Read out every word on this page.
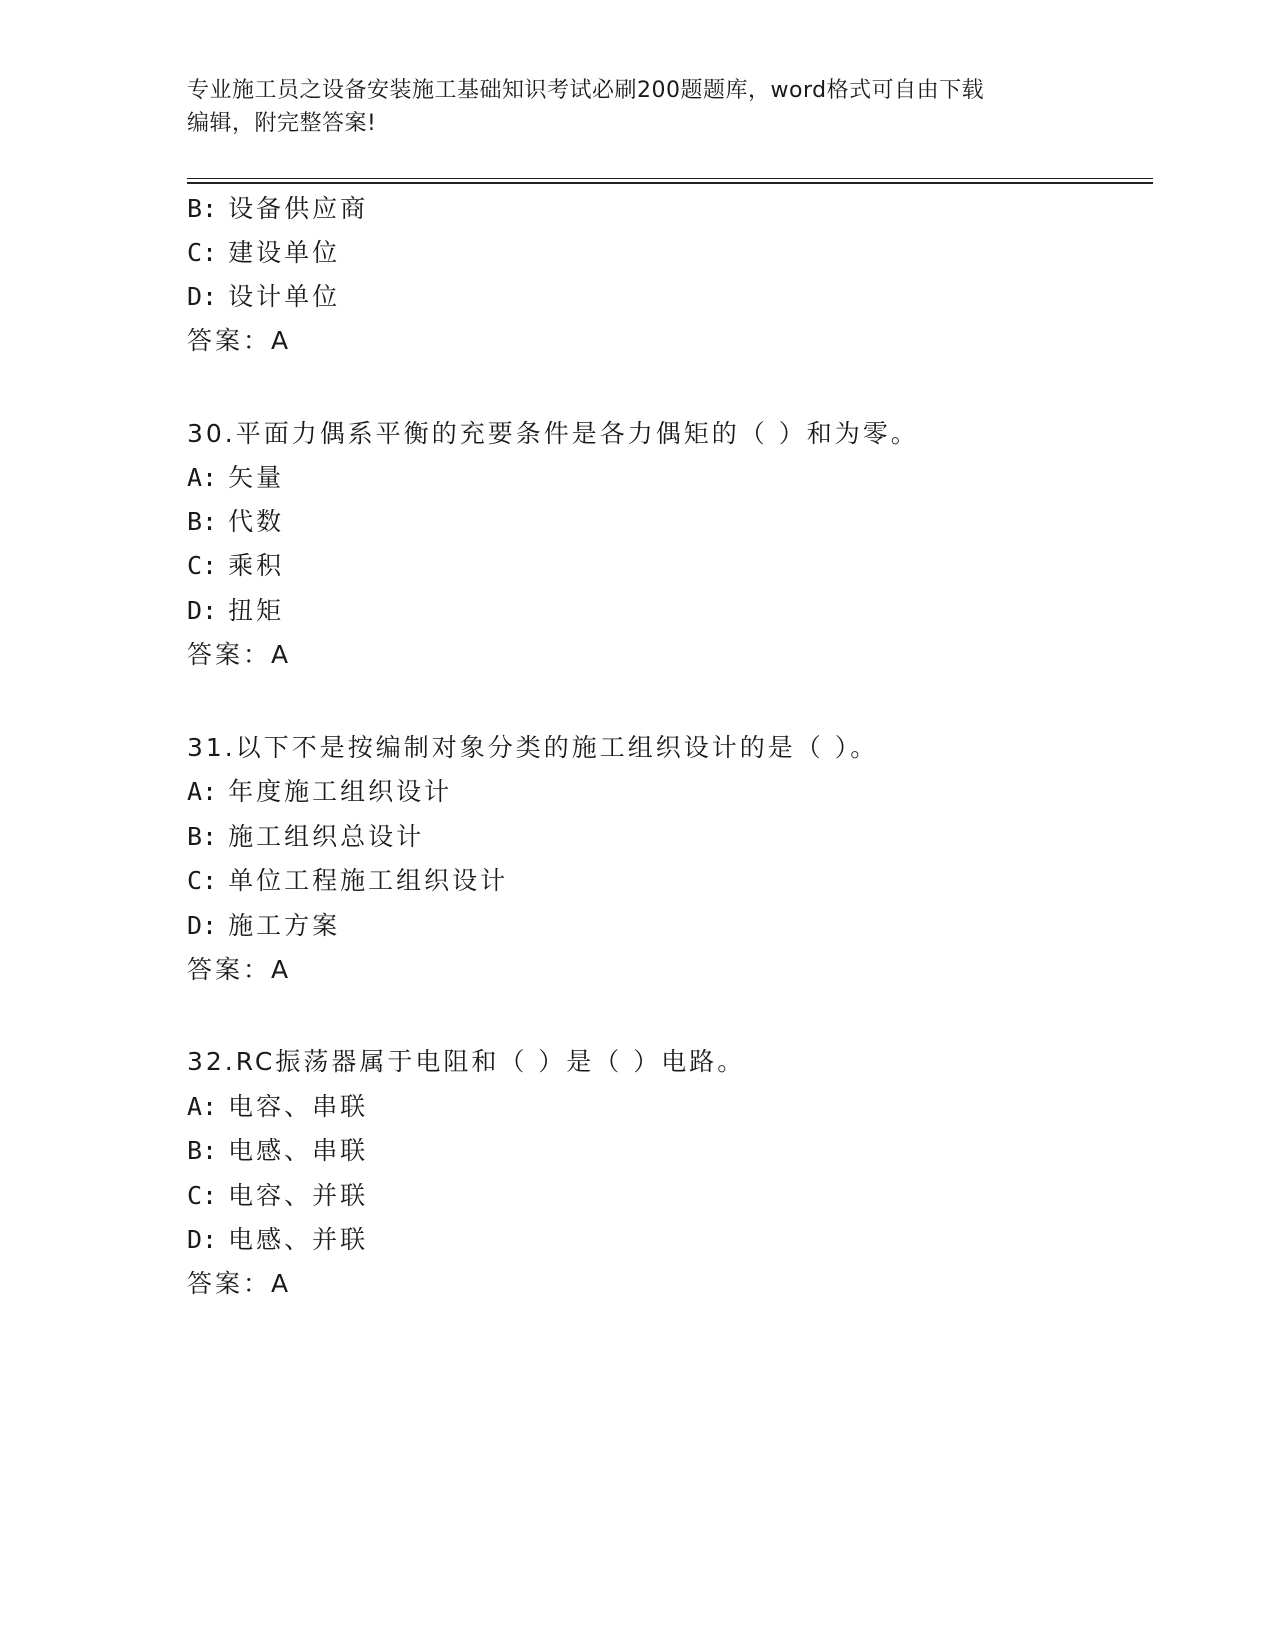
专业施工员之设备安装施工基础知识考试必刷200题题库，word格式可自由下载
编辑，附完整答案!
B: 设备供应商
C: 建设单位
D: 设计单位
答案：A
30.平面力偶系平衡的充要条件是各力偶矩的（ ）和为零。
A: 矢量
B: 代数
C: 乘积
D: 扭矩
答案：A
31.以下不是按编制对象分类的施工组织设计的是（ ）。
A: 年度施工组织设计
B: 施工组织总设计
C: 单位工程施工组织设计
D: 施工方案
答案：A
32.RC振荡器属于电阻和（ ）是（ ）电路。
A: 电容、串联
B: 电感、串联
C: 电容、并联
D: 电感、并联
答案：A
